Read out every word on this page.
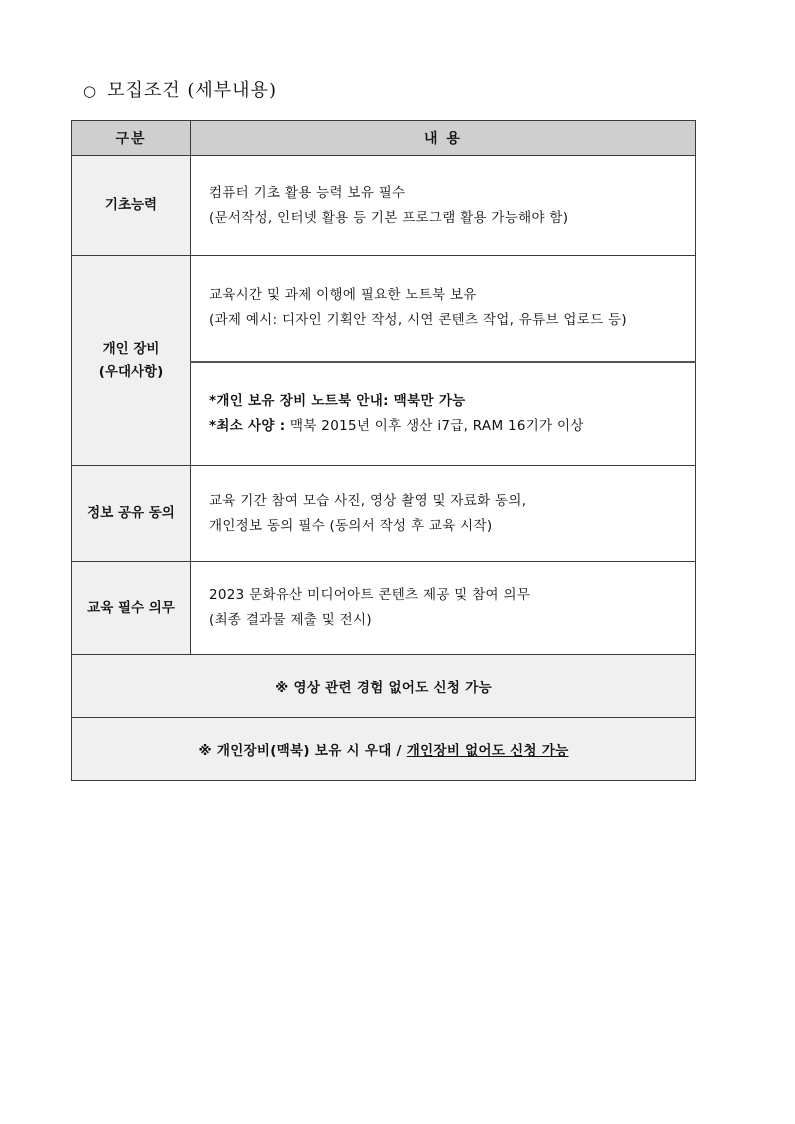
○ 모집조건 (세부내용)
구분	내 용
기초능력	컴퓨터 기초 활용 능력 보유 필수
(문서작성, 인터넷 활용 등 기본 프로그램 활용 가능해야 함)

개인 장비
(우대사항)	교육시간 및 과제 이행에 필요한 노트북 보유
(과제 예시: 디자인 기획안 작성, 시연 콘텐츠 작업, 유튜브 업로드 등)

	*개인 보유 장비 노트북 안내: 맥북만 가능
*최소 사양 : 맥북 2015년 이후 생산 i7급, RAM 16기가 이상

정보 공유 동의	교육 기간 참여 모습 사진, 영상 촬영 및 자료화 동의,
개인정보 동의 필수 (동의서 작성 후 교육 시작)

교육 필수 의무	2023 문화유산 미디어아트 콘텐츠 제공 및 참여 의무
(최종 결과물 제출 및 전시)

※ 영상 관련 경험 없어도 신청 가능	
※ 개인장비(맥북) 보유 시 우대 / 개인장비 없어도 신청 가능	
